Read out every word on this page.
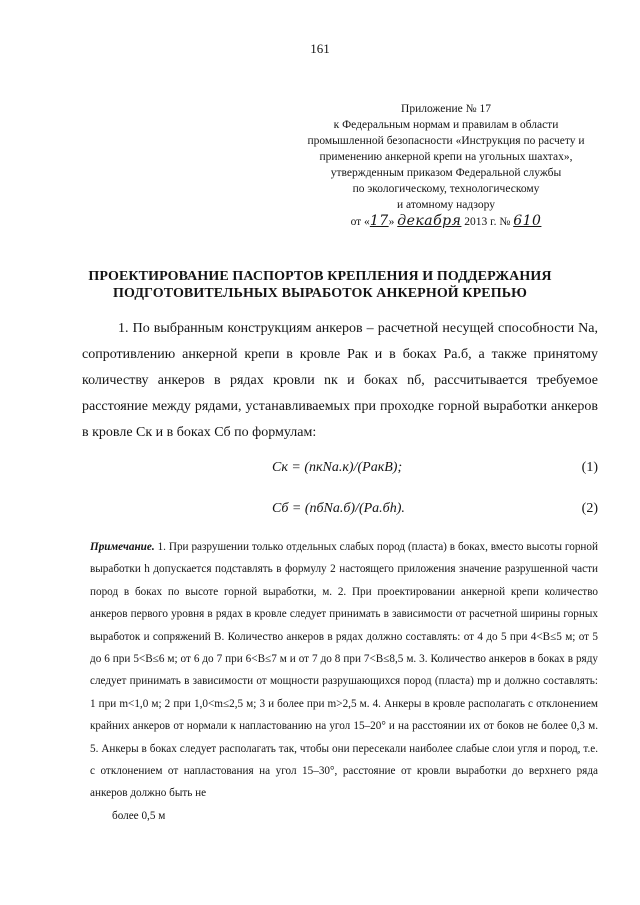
161
Приложение № 17
к Федеральным нормам и правилам в области
промышленной безопасности «Инструкция по расчету и
применению анкерной крепи на угольных шахтах»,
утвержденным приказом Федеральной службы
по экологическому, технологическому
и атомному надзору
от «17» декабря 2013 г. № 610
ПРОЕКТИРОВАНИЕ ПАСПОРТОВ КРЕПЛЕНИЯ И ПОДДЕРЖАНИЯ
ПОДГОТОВИТЕЛЬНЫХ ВЫРАБОТОК АНКЕРНОЙ КРЕПЬЮ

1. По выбранным конструкциям анкеров – расчетной несущей способности Nа, сопротивлению анкерной крепи в кровле Pак и в боках Pа.б, а также принятому количеству анкеров в рядах кровли nк и боках nб, рассчитывается требуемое расстояние между рядами, устанавливаемых при проходке горной выработки анкеров в кровле Cк и в боках Cб по формулам:

Cк = (nкNа.к)/(PакB);	(1)
Cб = (nбNа.б)/(Pа.бh).	(2)

Примечание. 1. При разрушении только отдельных слабых пород (пласта) в боках, вместо высоты горной выработки h допускается подставлять в формулу 2 настоящего приложения значение разрушенной части пород в боках по высоте горной выработки, м. 2. При проектировании анкерной крепи количество анкеров первого уровня в рядах в кровле следует принимать в зависимости от расчетной ширины горных выработок и сопряжений B. Количество анкеров в рядах должно составлять: от 4 до 5 при 4<B≤5 м; от 5 до 6 при 5<B≤6 м; от 6 до 7 при 6<B≤7 м и от 7 до 8 при 7<B≤8,5 м. 3. Количество анкеров в боках в ряду следует принимать в зависимости от мощности разрушающихся пород (пласта) mр и должно составлять: 1 при m<1,0 м; 2 при 1,0<m≤2,5 м; 3 и более при m>2,5 м. 4. Анкеры в кровле располагать с отклонением крайних анкеров от нормали к напластованию на угол 15–20° и на расстоянии их от боков не более 0,3 м. 5. Анкеры в боках следует располагать так, чтобы они пересекали наиболее слабые слои угля и пород, т.е. с отклонением от напластования на угол 15–30°, расстояние от кровли выработки до верхнего ряда анкеров должно быть не

более 0,5 м
